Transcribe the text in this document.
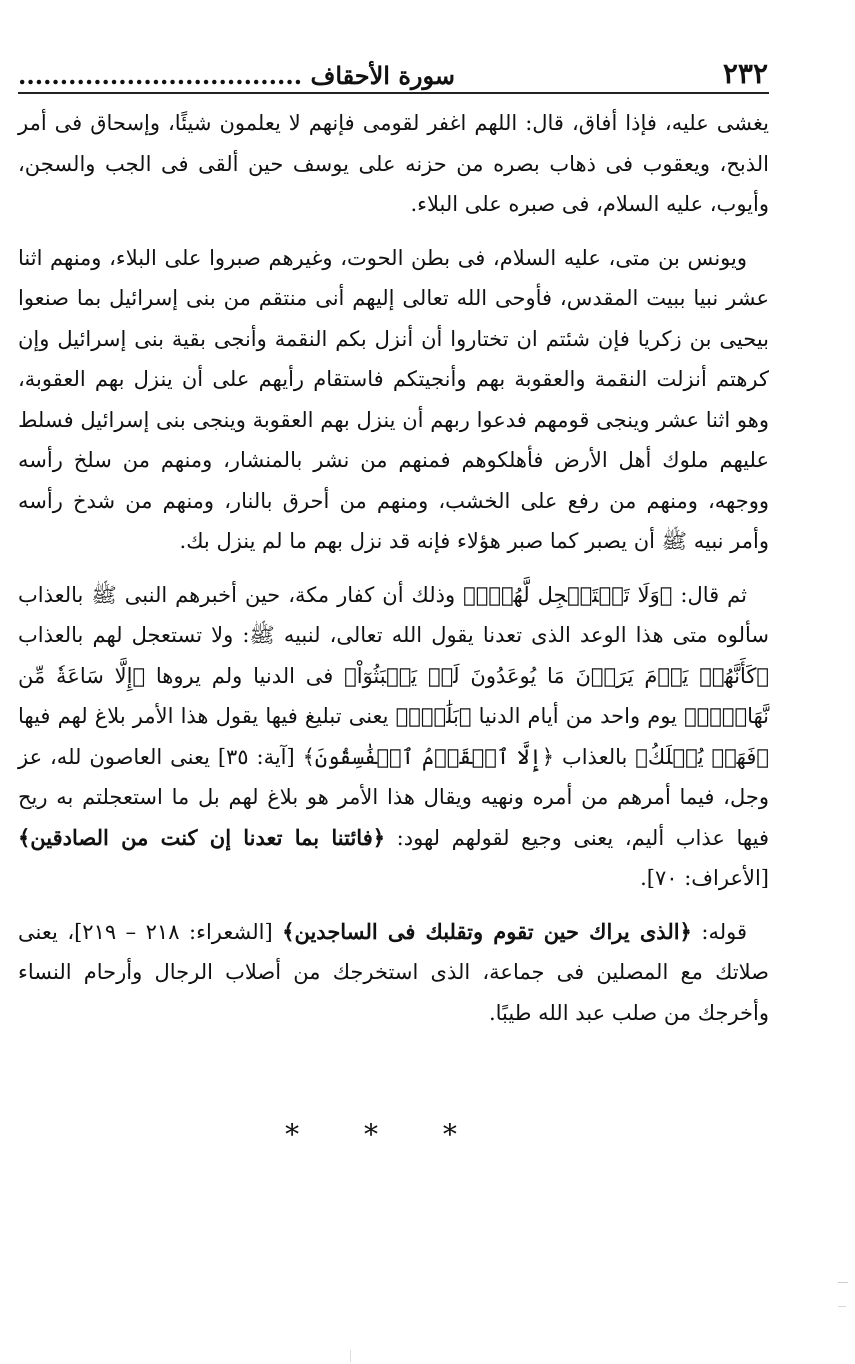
٢٣٢
سورة الأحقاف ..................................

يغشى عليه، فإذا أفاق، قال: اللهم اغفر لقومى فإنهم لا يعلمون شيئًا، وإسحاق فى أمر الذبح، ويعقوب فى ذهاب بصره من حزنه على يوسف حين ألقى فى الجب والسجن، وأيوب، عليه السلام، فى صبره على البلاء.

ويونس بن متى، عليه السلام، فى بطن الحوت، وغيرهم صبروا على البلاء، ومنهم اثنا عشر نبيا ببيت المقدس، فأوحى الله تعالى إليهم أنى منتقم من بنى إسرائيل بما صنعوا بيحيى بن زكريا فإن شئتم ان تختاروا أن أنزل بكم النقمة وأنجى بقية بنى إسرائيل وإن كرهتم أنزلت النقمة والعقوبة بهم وأنجيتكم فاستقام رأيهم على أن ينزل بهم العقوبة، وهو اثنا عشر وينجى قومهم فدعوا ربهم أن ينزل بهم العقوبة وينجى بنى إسرائيل فسلط عليهم ملوك أهل الأرض فأهلكوهم فمنهم من نشر بالمنشار، ومنهم من سلخ رأسه ووجهه، ومنهم من رفع على الخشب، ومنهم من أحرق بالنار، ومنهم من شدخ رأسه وأمر نبيه ﷺ أن يصبر كما صبر هؤلاء فإنه قد نزل بهم ما لم ينزل بك.

ثم قال: ﴿وَلَا تَسۡتَعۡجِل لَّهُمۡۚ﴾ وذلك أن كفار مكة، حين أخبرهم النبى ﷺ بالعذاب سألوه متى هذا الوعد الذى تعدنا يقول الله تعالى، لنبيه ﷺ: ولا تستعجل لهم بالعذاب ﴿كَأَنَّهُمۡ يَوۡمَ يَرَوۡنَ مَا يُوعَدُونَ لَمۡ يَلۡبَثُوٓاْ﴾ فى الدنيا ولم يروها ﴿إِلَّا سَاعَةٗ مِّن نَّهَارِۭۚ﴾ يوم واحد من أيام الدنيا ﴿بَلَٰغٞۚ﴾ يعنى تبليغ فيها يقول هذا الأمر بلاغ لهم فيها ﴿فَهَلۡ يُهۡلَكُ﴾ بالعذاب ﴿إِلَّا ٱلۡقَوۡمُ ٱلۡفَٰسِقُونَ﴾ [آية: ٣٥] يعنى العاصون لله، عز وجل، فيما أمرهم من أمره ونهيه ويقال هذا الأمر هو بلاغ لهم بل ما استعجلتم به ريح فيها عذاب أليم، يعنى وجيع لقولهم لهود: ﴿فائتنا بما تعدنا إن كنت من الصادقين﴾ [الأعراف: ٧٠].

قوله: ﴿الذى يراك حين تقوم وتقلبك فى الساجدين﴾ [الشعراء: ٢١٨ – ٢١٩]، يعنى صلاتك مع المصلين فى جماعة، الذى استخرجك من أصلاب الرجال وأرحام النساء وأخرجك من صلب عبد الله طيبًا.

* * *
